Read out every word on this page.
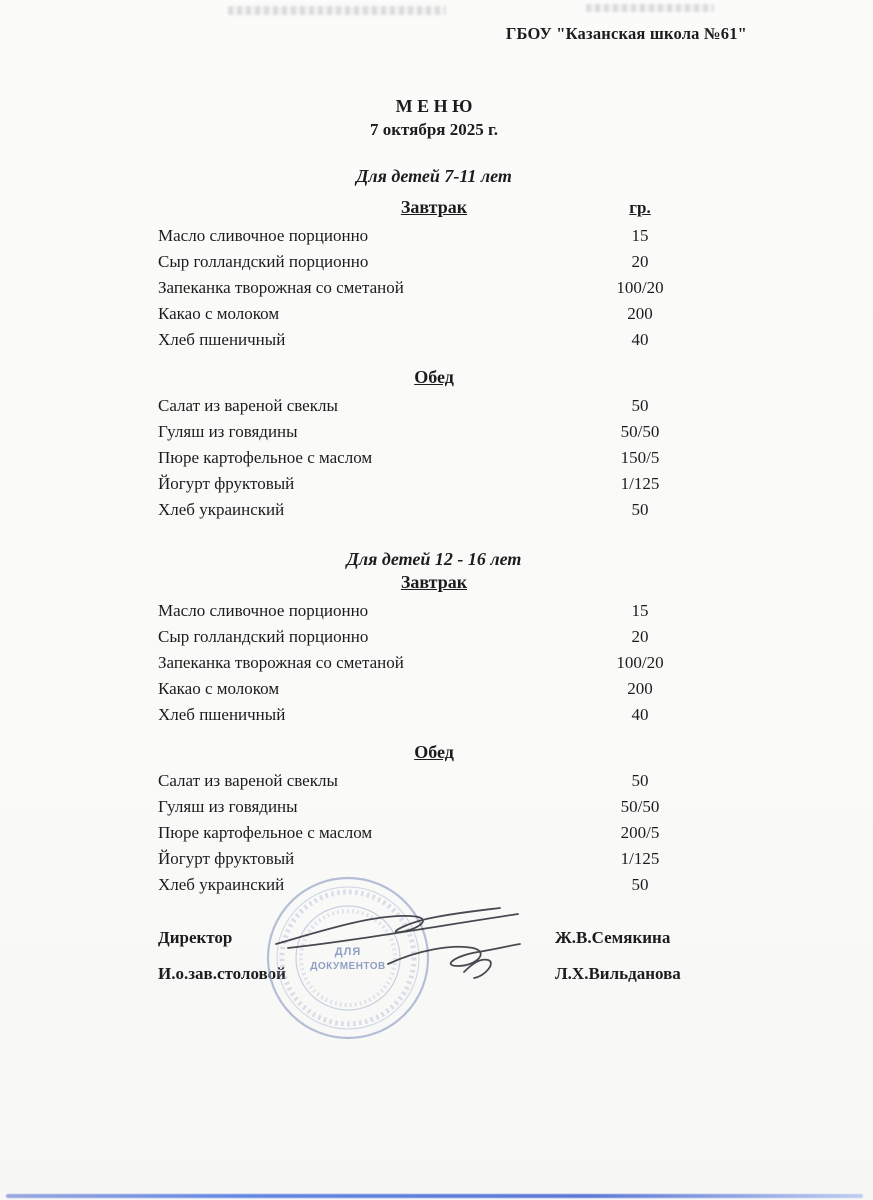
ГБОУ "Казанская школа №61"
М Е Н Ю
7 октября 2025 г.
Для детей 7-11 лет
Завтрак	гр.
Масло сливочное порционно	15
Сыр голландский порционно	20
Запеканка творожная со сметаной	100/20
Какао с молоком	200
Хлеб пшеничный	40
Обед
Салат из вареной свеклы	50
Гуляш из говядины	50/50
Пюре картофельное с маслом	150/5
Йогурт фруктовый	1/125
Хлеб украинский	50
Для детей 12 - 16 лет
Завтрак
Масло сливочное порционно	15
Сыр голландский порционно	20
Запеканка творожная со сметаной	100/20
Какао с молоком	200
Хлеб пшеничный	40
Обед
Салат из вареной свеклы	50
Гуляш из говядины	50/50
Пюре картофельное с маслом	200/5
Йогурт фруктовый	1/125
Хлеб украинский	50
Директор	Ж.В.Семякина
И.о.зав.столовой	Л.Х.Вильданова
ДЛЯ
ДОКУМЕНТОВ
